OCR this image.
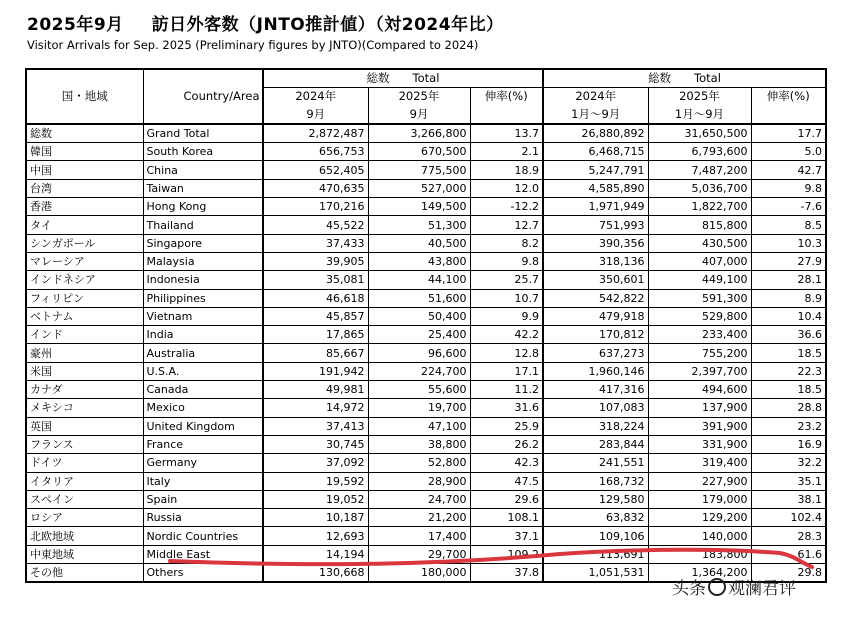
2025年9月 訪日外客数（JNTO推計値）（対2024年比）
Visitor Arrivals for Sep. 2025 (Preliminary figures by JNTO)(Compared to 2024)
国・地域	Country/Area	総数　　Total			総数　　Total		
		2024年	2025年	伸率(%)	2024年	2025年	伸率(%)
		9月	9月		1月～9月	1月～9月	
総数	Grand Total	2,872,487	3,266,800	13.7	26,880,892	31,650,500	17.7
韓国	South Korea	656,753	670,500	2.1	6,468,715	6,793,600	5.0
中国	China	652,405	775,500	18.9	5,247,791	7,487,200	42.7
台湾	Taiwan	470,635	527,000	12.0	4,585,890	5,036,700	9.8
香港	Hong Kong	170,216	149,500	-12.2	1,971,949	1,822,700	-7.6
タイ	Thailand	45,522	51,300	12.7	751,993	815,800	8.5
シンガポール	Singapore	37,433	40,500	8.2	390,356	430,500	10.3
マレーシア	Malaysia	39,905	43,800	9.8	318,136	407,000	27.9
インドネシア	Indonesia	35,081	44,100	25.7	350,601	449,100	28.1
フィリピン	Philippines	46,618	51,600	10.7	542,822	591,300	8.9
ベトナム	Vietnam	45,857	50,400	9.9	479,918	529,800	10.4
インド	India	17,865	25,400	42.2	170,812	233,400	36.6
豪州	Australia	85,667	96,600	12.8	637,273	755,200	18.5
米国	U.S.A.	191,942	224,700	17.1	1,960,146	2,397,700	22.3
カナダ	Canada	49,981	55,600	11.2	417,316	494,600	18.5
メキシコ	Mexico	14,972	19,700	31.6	107,083	137,900	28.8
英国	United Kingdom	37,413	47,100	25.9	318,224	391,900	23.2
フランス	France	30,745	38,800	26.2	283,844	331,900	16.9
ドイツ	Germany	37,092	52,800	42.3	241,551	319,400	32.2
イタリア	Italy	19,592	28,900	47.5	168,732	227,900	35.1
スペイン	Spain	19,052	24,700	29.6	129,580	179,000	38.1
ロシア	Russia	10,187	21,200	108.1	63,832	129,200	102.4
北欧地域	Nordic Countries	12,693	17,400	37.1	109,106	140,000	28.3
中東地域	Middle East	14,194	29,700	109.2	113,691	183,800	61.6
その他	Others	130,668	180,000	37.8	1,051,531	1,364,200	29.8
头条 观澜君评
